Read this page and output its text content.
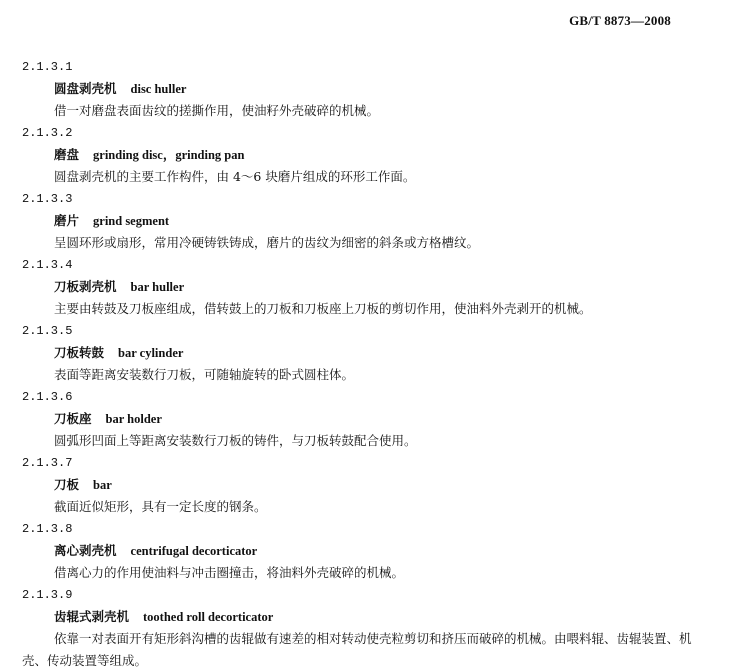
GB/T 8873—2008
2.1.3.1
圆盘剥壳机 disc huller
借一对磨盘表面齿纹的搓撕作用，使油籽外壳破碎的机械。
2.1.3.2
磨盘 grinding disc，grinding pan
圆盘剥壳机的主要工作构件，由 4～6 块磨片组成的环形工作面。
2.1.3.3
磨片 grind segment
呈圆环形或扇形，常用冷硬铸铁铸成，磨片的齿纹为细密的斜条或方格槽纹。
2.1.3.4
刀板剥壳机 bar huller
主要由转鼓及刀板座组成，借转鼓上的刀板和刀板座上刀板的剪切作用，使油料外壳剥开的机械。
2.1.3.5
刀板转鼓 bar cylinder
表面等距离安装数行刀板，可随轴旋转的卧式圆柱体。
2.1.3.6
刀板座 bar holder
圆弧形凹面上等距离安装数行刀板的铸件，与刀板转鼓配合使用。
2.1.3.7
刀板 bar
截面近似矩形，具有一定长度的钢条。
2.1.3.8
离心剥壳机 centrifugal decorticator
借离心力的作用使油料与冲击圈撞击，将油料外壳破碎的机械。
2.1.3.9
齿辊式剥壳机 toothed roll decorticator
依靠一对表面开有矩形斜沟槽的齿辊做有速差的相对转动使壳粒剪切和挤压而破碎的机械。由喂料辊、齿辊装置、机壳、传动装置等组成。
